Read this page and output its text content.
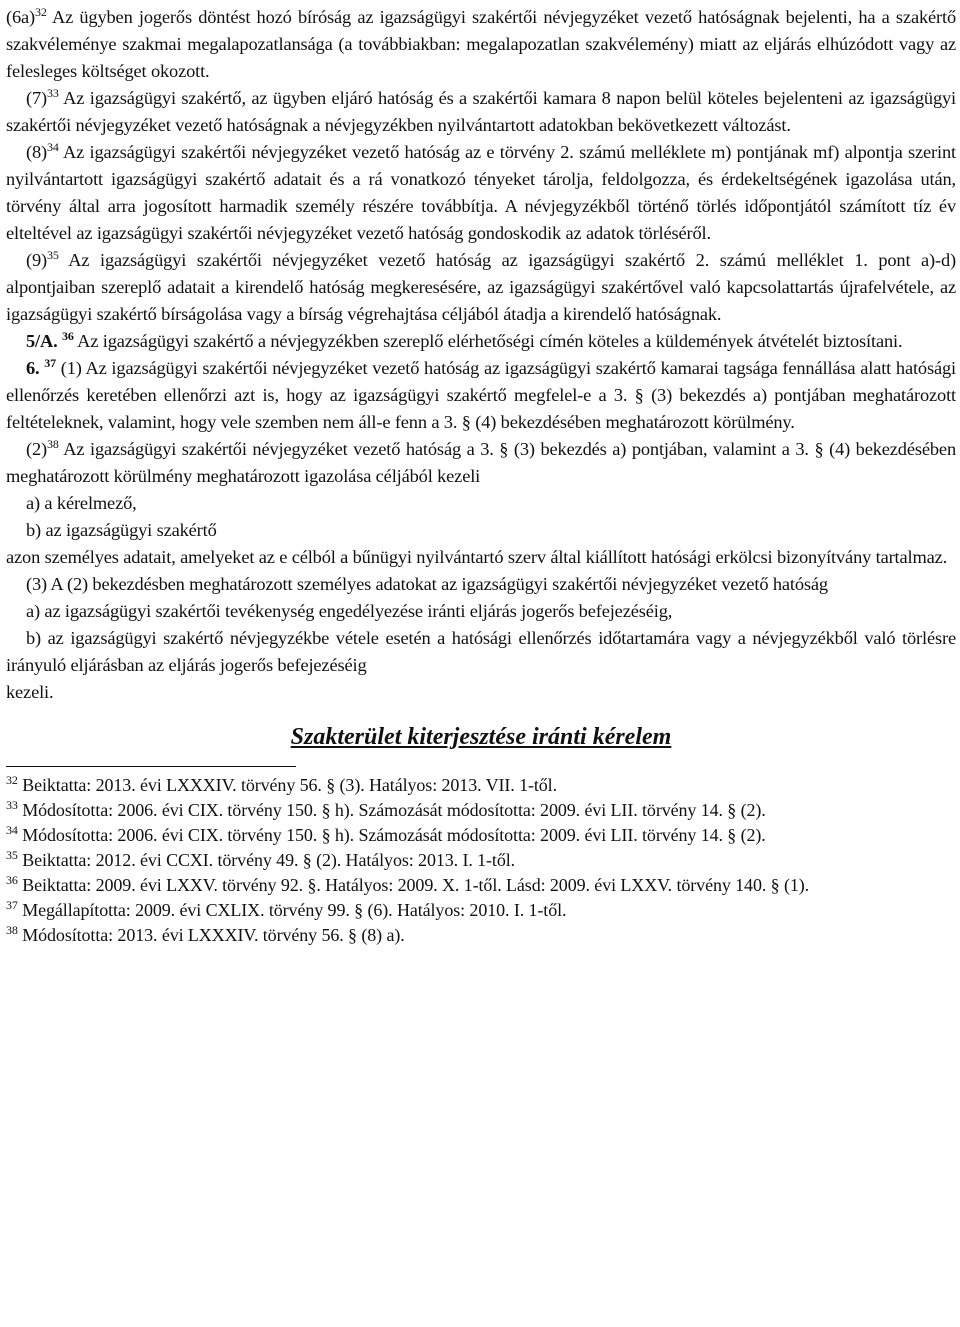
$(6a)^{32}$ Az ügyben jogerős döntést hozó bíróság az igazságügyi szakértői névjegyzéket vezető hatóságnak bejelenti, ha a szakértő szakvéleménye szakmai megalapozatlansága (a továbbiakban: megalapozatlan szakvélemény) miatt az eljárás elhúzódott vagy az felesleges költséget okozott.

$(7)^{33}$ Az igazságügyi szakértő, az ügyben eljáró hatóság és a szakértői kamara 8 napon belül köteles bejelenteni az igazságügyi szakértői névjegyzéket vezető hatóságnak a névjegyzékben nyilvántartott adatokban bekövetkezett változást.

$(8)^{34}$ Az igazságügyi szakértői névjegyzéket vezető hatóság az e törvény 2. számú melléklete m) pontjának mf) alpontja szerint nyilvántartott igazságügyi szakértő adatait és a rá vonatkozó tényeket tárolja, feldolgozza, és érdekeltségének igazolása után, törvény által arra jogosított harmadik személy részére továbbítja. A névjegyzékből történő törlés időpontjától számított tíz év elteltével az igazságügyi szakértői névjegyzéket vezető hatóság gondoskodik az adatok törléséről.

$(9)^{35}$ Az igazságügyi szakértői névjegyzéket vezető hatóság az igazságügyi szakértő 2. számú melléklet 1. pont a)-d) alpontjaiban szereplő adatait a kirendelő hatóság megkeresésére, az igazságügyi szakértővel való kapcsolattartás újrafelvétele, az igazságügyi szakértő bírságolása vagy a bírság végrehajtása céljából átadja a kirendelő hatóságnak.

5/A. $^{36}$ Az igazságügyi szakértő a névjegyzékben szereplő elérhetőségi címén köteles a küldemények átvételét biztosítani.

6. $^{37}$ (1) Az igazságügyi szakértői névjegyzéket vezető hatóság az igazságügyi szakértő kamarai tagsága fennállása alatt hatósági ellenőrzés keretében ellenőrzi azt is, hogy az igazságügyi szakértő megfelel-e a 3. § (3) bekezdés a) pontjában meghatározott feltételeknek, valamint, hogy vele szemben nem áll-e fenn a 3. § (4) bekezdésében meghatározott körülmény.

$(2)^{38}$ Az igazságügyi szakértői névjegyzéket vezető hatóság a 3. § (3) bekezdés a) pontjában, valamint a 3. § (4) bekezdésében meghatározott körülmény meghatározott igazolása céljából kezeli

a) a kérelmező,

b) az igazságügyi szakértő

azon személyes adatait, amelyeket az e célból a bűnügyi nyilvántartó szerv által kiállított hatósági erkölcsi bizonyítvány tartalmaz.

(3) A (2) bekezdésben meghatározott személyes adatokat az igazságügyi szakértői névjegyzéket vezető hatóság

a) az igazságügyi szakértői tevékenység engedélyezése iránti eljárás jogerős befejezéséig,

b) az igazságügyi szakértő névjegyzékbe vétele esetén a hatósági ellenőrzés időtartamára vagy a névjegyzékből való törlésre irányuló eljárásban az eljárás jogerős befejezéséig

kezeli.

Szakterület kiterjesztése iránti kérelem

$^{32}$ Beiktatta: 2013. évi LXXXIV. törvény 56. § (3). Hatályos: 2013. VII. 1-től.

$^{33}$ Módosította: 2006. évi CIX. törvény 150. § h). Számozását módosította: 2009. évi LII. törvény 14. § (2).

$^{34}$ Módosította: 2006. évi CIX. törvény 150. § h). Számozását módosította: 2009. évi LII. törvény 14. § (2).

$^{35}$ Beiktatta: 2012. évi CCXI. törvény 49. § (2). Hatályos: 2013. I. 1-től.

$^{36}$ Beiktatta: 2009. évi LXXV. törvény 92. §. Hatályos: 2009. X. 1-től. Lásd: 2009. évi LXXV. törvény 140. § (1).

$^{37}$ Megállapította: 2009. évi CXLIX. törvény 99. § (6). Hatályos: 2010. I. 1-től.

$^{38}$ Módosította: 2013. évi LXXXIV. törvény 56. § (8) a).
